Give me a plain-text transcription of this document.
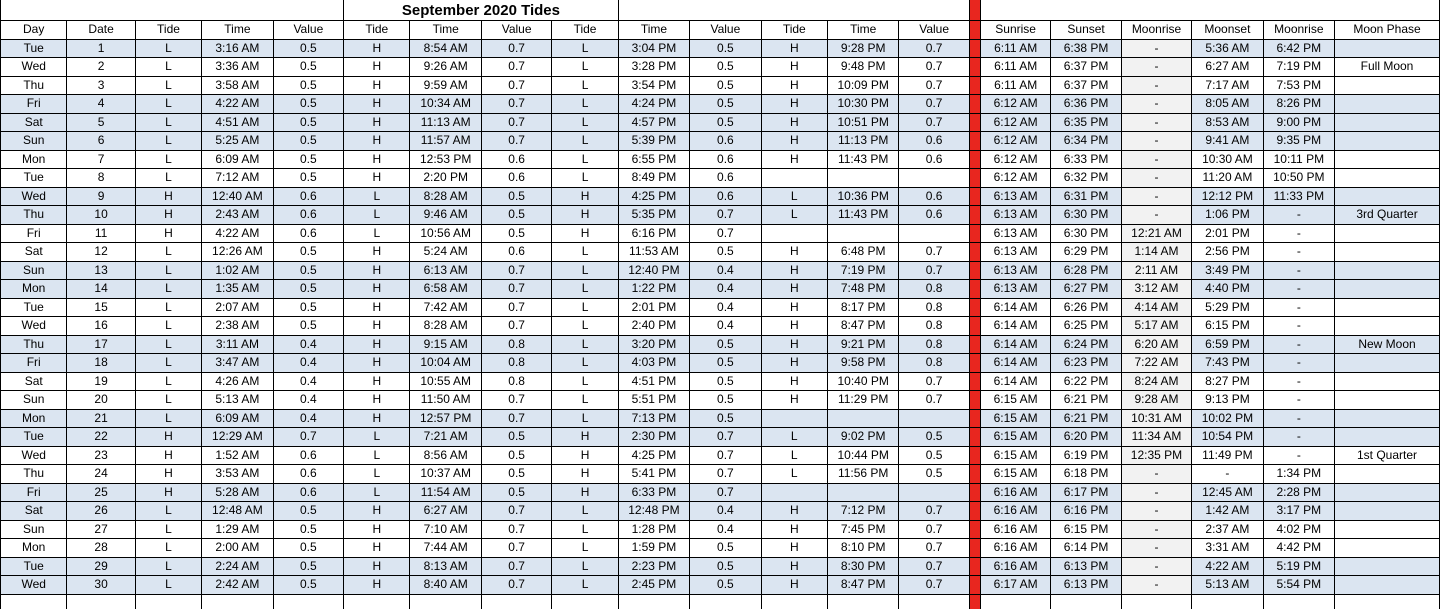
					September 2020 Tides															
Day	Date	Tide	Time	Value	Tide	Time	Value	Tide	Time	Value	Tide	Time	Value		Sunrise	Sunset	Moonrise	Moonset	Moonrise	Moon Phase
Tue	1	L	3:16 AM	0.5	H	8:54 AM	0.7	L	3:04 PM	0.5	H	9:28 PM	0.7		6:11 AM	6:38 PM	-	5:36 AM	6:42 PM	
Wed	2	L	3:36 AM	0.5	H	9:26 AM	0.7	L	3:28 PM	0.5	H	9:48 PM	0.7		6:11 AM	6:37 PM	-	6:27 AM	7:19 PM	Full Moon
Thu	3	L	3:58 AM	0.5	H	9:59 AM	0.7	L	3:54 PM	0.5	H	10:09 PM	0.7		6:11 AM	6:37 PM	-	7:17 AM	7:53 PM	
Fri	4	L	4:22 AM	0.5	H	10:34 AM	0.7	L	4:24 PM	0.5	H	10:30 PM	0.7		6:12 AM	6:36 PM	-	8:05 AM	8:26 PM	
Sat	5	L	4:51 AM	0.5	H	11:13 AM	0.7	L	4:57 PM	0.5	H	10:51 PM	0.7		6:12 AM	6:35 PM	-	8:53 AM	9:00 PM	
Sun	6	L	5:25 AM	0.5	H	11:57 AM	0.7	L	5:39 PM	0.6	H	11:13 PM	0.6		6:12 AM	6:34 PM	-	9:41 AM	9:35 PM	
Mon	7	L	6:09 AM	0.5	H	12:53 PM	0.6	L	6:55 PM	0.6	H	11:43 PM	0.6		6:12 AM	6:33 PM	-	10:30 AM	10:11 PM	
Tue	8	L	7:12 AM	0.5	H	2:20 PM	0.6	L	8:49 PM	0.6					6:12 AM	6:32 PM	-	11:20 AM	10:50 PM	
Wed	9	H	12:40 AM	0.6	L	8:28 AM	0.5	H	4:25 PM	0.6	L	10:36 PM	0.6		6:13 AM	6:31 PM	-	12:12 PM	11:33 PM	
Thu	10	H	2:43 AM	0.6	L	9:46 AM	0.5	H	5:35 PM	0.7	L	11:43 PM	0.6		6:13 AM	6:30 PM	-	1:06 PM	-	3rd Quarter
Fri	11	H	4:22 AM	0.6	L	10:56 AM	0.5	H	6:16 PM	0.7					6:13 AM	6:30 PM	12:21 AM	2:01 PM	-	
Sat	12	L	12:26 AM	0.5	H	5:24 AM	0.6	L	11:53 AM	0.5	H	6:48 PM	0.7		6:13 AM	6:29 PM	1:14 AM	2:56 PM	-	
Sun	13	L	1:02 AM	0.5	H	6:13 AM	0.7	L	12:40 PM	0.4	H	7:19 PM	0.7		6:13 AM	6:28 PM	2:11 AM	3:49 PM	-	
Mon	14	L	1:35 AM	0.5	H	6:58 AM	0.7	L	1:22 PM	0.4	H	7:48 PM	0.8		6:13 AM	6:27 PM	3:12 AM	4:40 PM	-	
Tue	15	L	2:07 AM	0.5	H	7:42 AM	0.7	L	2:01 PM	0.4	H	8:17 PM	0.8		6:14 AM	6:26 PM	4:14 AM	5:29 PM	-	
Wed	16	L	2:38 AM	0.5	H	8:28 AM	0.7	L	2:40 PM	0.4	H	8:47 PM	0.8		6:14 AM	6:25 PM	5:17 AM	6:15 PM	-	
Thu	17	L	3:11 AM	0.4	H	9:15 AM	0.8	L	3:20 PM	0.5	H	9:21 PM	0.8		6:14 AM	6:24 PM	6:20 AM	6:59 PM	-	New Moon
Fri	18	L	3:47 AM	0.4	H	10:04 AM	0.8	L	4:03 PM	0.5	H	9:58 PM	0.8		6:14 AM	6:23 PM	7:22 AM	7:43 PM	-	
Sat	19	L	4:26 AM	0.4	H	10:55 AM	0.8	L	4:51 PM	0.5	H	10:40 PM	0.7		6:14 AM	6:22 PM	8:24 AM	8:27 PM	-	
Sun	20	L	5:13 AM	0.4	H	11:50 AM	0.7	L	5:51 PM	0.5	H	11:29 PM	0.7		6:15 AM	6:21 PM	9:28 AM	9:13 PM	-	
Mon	21	L	6:09 AM	0.4	H	12:57 PM	0.7	L	7:13 PM	0.5					6:15 AM	6:21 PM	10:31 AM	10:02 PM	-	
Tue	22	H	12:29 AM	0.7	L	7:21 AM	0.5	H	2:30 PM	0.7	L	9:02 PM	0.5		6:15 AM	6:20 PM	11:34 AM	10:54 PM	-	
Wed	23	H	1:52 AM	0.6	L	8:56 AM	0.5	H	4:25 PM	0.7	L	10:44 PM	0.5		6:15 AM	6:19 PM	12:35 PM	11:49 PM	-	1st Quarter
Thu	24	H	3:53 AM	0.6	L	10:37 AM	0.5	H	5:41 PM	0.7	L	11:56 PM	0.5		6:15 AM	6:18 PM	-	-	1:34 PM	
Fri	25	H	5:28 AM	0.6	L	11:54 AM	0.5	H	6:33 PM	0.7					6:16 AM	6:17 PM	-	12:45 AM	2:28 PM	
Sat	26	L	12:48 AM	0.5	H	6:27 AM	0.7	L	12:48 PM	0.4	H	7:12 PM	0.7		6:16 AM	6:16 PM	-	1:42 AM	3:17 PM	
Sun	27	L	1:29 AM	0.5	H	7:10 AM	0.7	L	1:28 PM	0.4	H	7:45 PM	0.7		6:16 AM	6:15 PM	-	2:37 AM	4:02 PM	
Mon	28	L	2:00 AM	0.5	H	7:44 AM	0.7	L	1:59 PM	0.5	H	8:10 PM	0.7		6:16 AM	6:14 PM	-	3:31 AM	4:42 PM	
Tue	29	L	2:24 AM	0.5	H	8:13 AM	0.7	L	2:23 PM	0.5	H	8:30 PM	0.7		6:16 AM	6:13 PM	-	4:22 AM	5:19 PM	
Wed	30	L	2:42 AM	0.5	H	8:40 AM	0.7	L	2:45 PM	0.5	H	8:47 PM	0.7		6:17 AM	6:13 PM	-	5:13 AM	5:54 PM	
